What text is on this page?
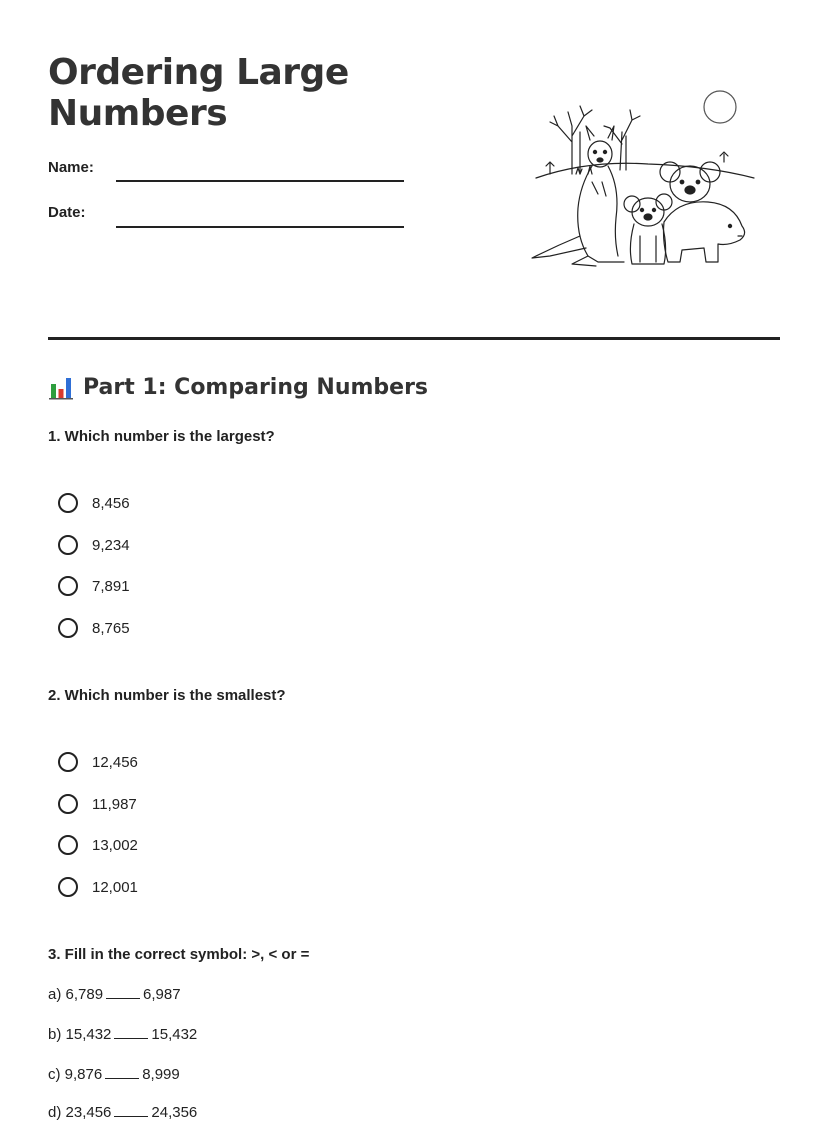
Ordering Large Numbers
Name:
Date:
Part 1: Comparing Numbers

1. Which number is the largest?

8,456
9,234
7,891
8,765

2. Which number is the smallest?

12,456
11,987
13,002
12,001

3. Fill in the correct symbol: >, < or =

a) 6,789	6,987
b) 15,432	15,432
c) 9,876	8,999
d) 23,456	24,356
